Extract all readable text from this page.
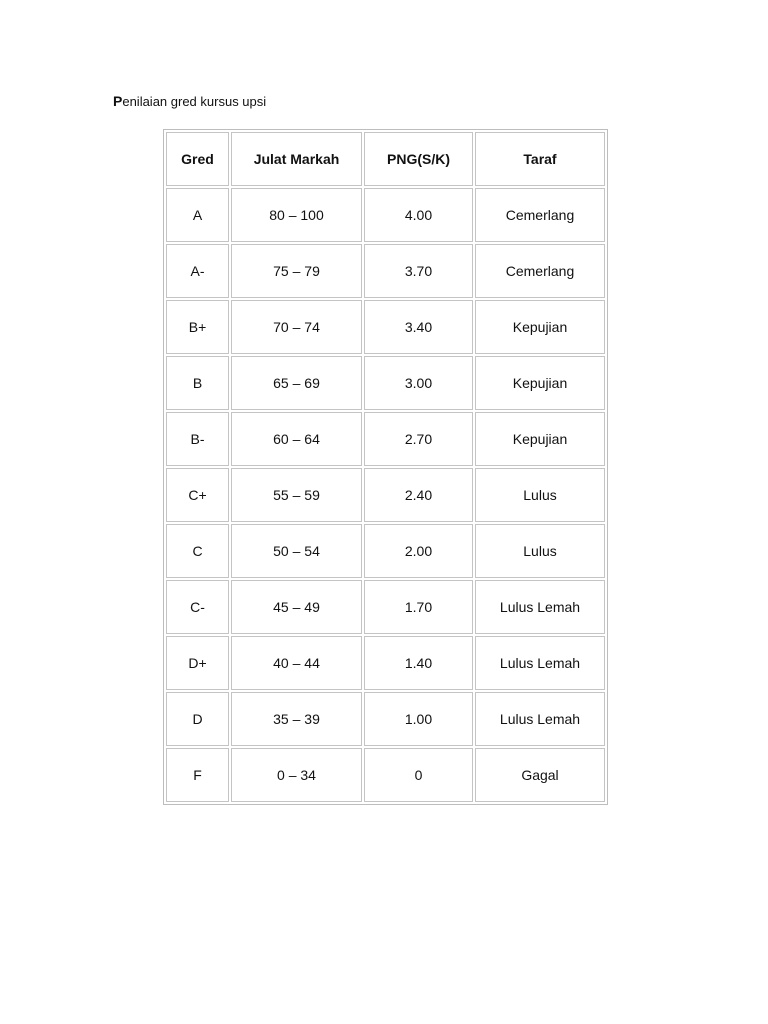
Penilaian gred kursus upsi
Gred	Julat Markah	PNG(S/K)	Taraf
A	80 – 100	4.00	Cemerlang
A-	75 – 79	3.70	Cemerlang
B+	70 – 74	3.40	Kepujian
B	65 – 69	3.00	Kepujian
B-	60 – 64	2.70	Kepujian
C+	55 – 59	2.40	Lulus
C	50 – 54	2.00	Lulus
C-	45 – 49	1.70	Lulus Lemah
D+	40 – 44	1.40	Lulus Lemah
D	35 – 39	1.00	Lulus Lemah
F	0 – 34	0	Gagal
